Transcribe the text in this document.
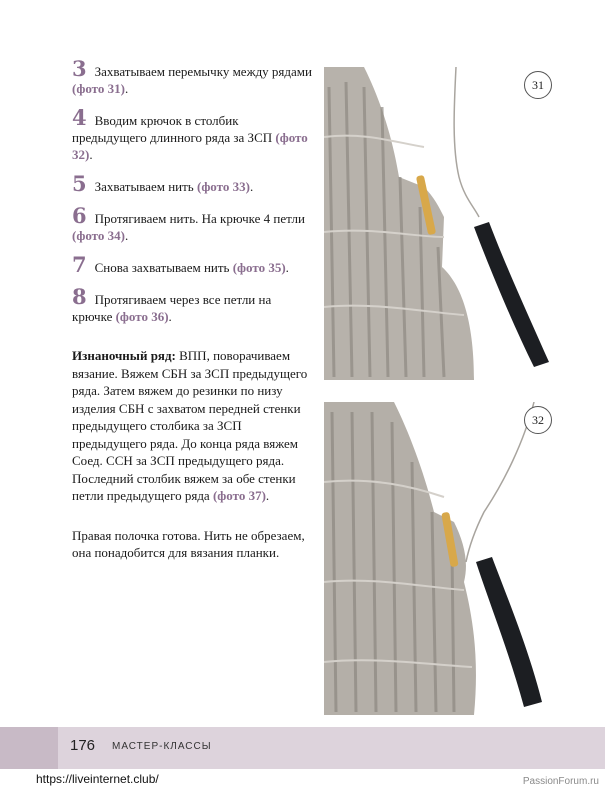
3 Захватываем перемычку между рядами (фото 31).
4 Вводим крючок в столбик предыдущего длинного ряда за ЗСП (фото 32).
5 Захватываем нить (фото 33).
6 Протягиваем нить. На крючке 4 петли (фото 34).
7 Снова захватываем нить (фото 35).
8 Протягиваем через все петли на крючке (фото 36).
Изнаночный ряд: ВПП, поворачиваем вязание. Вяжем СБН за ЗСП предыдущего ряда. Затем вяжем до резинки по низу изделия СБН с захватом передней стенки предыдущего столбика за ЗСП предыдущего ряда. До конца ряда вяжем Соед. ССН за ЗСП предыдущего ряда. Последний столбик вяжем за обе стенки петли предыдущего ряда (фото 37).
Правая полочка готова. Нить не обрезаем, она понадобится для вязания планки.
31
32
176 МАСТЕР-КЛАССЫ
https://liveinternet.club/	PassionForum.ru
